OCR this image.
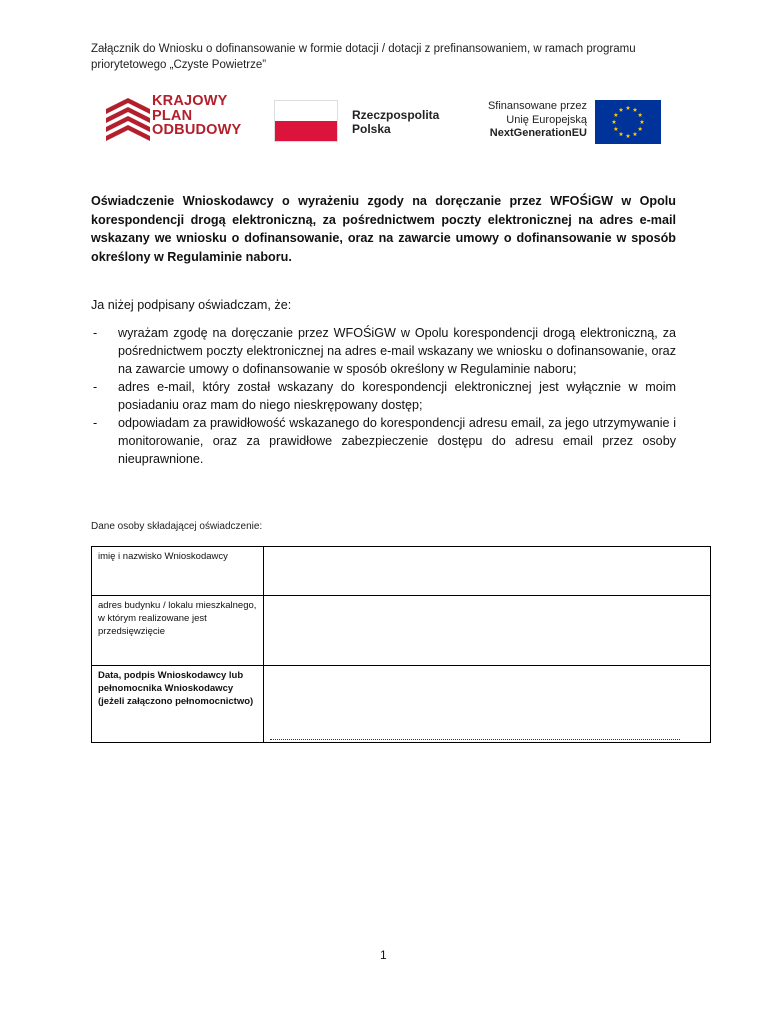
Załącznik do Wniosku o dofinansowanie w formie dotacji / dotacji z prefinansowaniem, w ramach programu priorytetowego „Czyste Powietrze”
KRAJOWY
PLAN
ODBUDOWY
Rzeczpospolita
Polska
Sfinansowane przez
Unię Europejską
NextGenerationEU
Oświadczenie Wnioskodawcy o wyrażeniu zgody na doręczanie przez WFOŚiGW w Opolu korespondencji drogą elektroniczną, za pośrednictwem poczty elektronicznej na adres e-mail wskazany we wniosku o dofinansowanie, oraz na zawarcie umowy o dofinansowanie w sposób określony w Regulaminie naboru.
Ja niżej podpisany oświadczam, że:
- wyrażam zgodę na doręczanie przez WFOŚiGW w Opolu korespondencji drogą elektroniczną, za pośrednictwem poczty elektronicznej na adres e-mail wskazany we wniosku o dofinansowanie, oraz na zawarcie umowy o dofinansowanie w sposób określony w Regulaminie naboru;
- adres e-mail, który został wskazany do korespondencji elektronicznej jest wyłącznie w moim posiadaniu oraz mam do niego nieskrępowany dostęp;
- odpowiadam za prawidłowość wskazanego do korespondencji adresu email, za jego utrzymywanie i monitorowanie, oraz za prawidłowe zabezpieczenie dostępu do adresu email przez osoby nieuprawnione.
Dane osoby składającej oświadczenie:
imię i nazwisko Wnioskodawcy	
adres budynku / lokalu mieszkalnego, w którym realizowane jest przedsięwzięcie	
Data, podpis Wnioskodawcy lub pełnomocnika Wnioskodawcy (jeżeli załączono pełnomocnictwo)	
1
